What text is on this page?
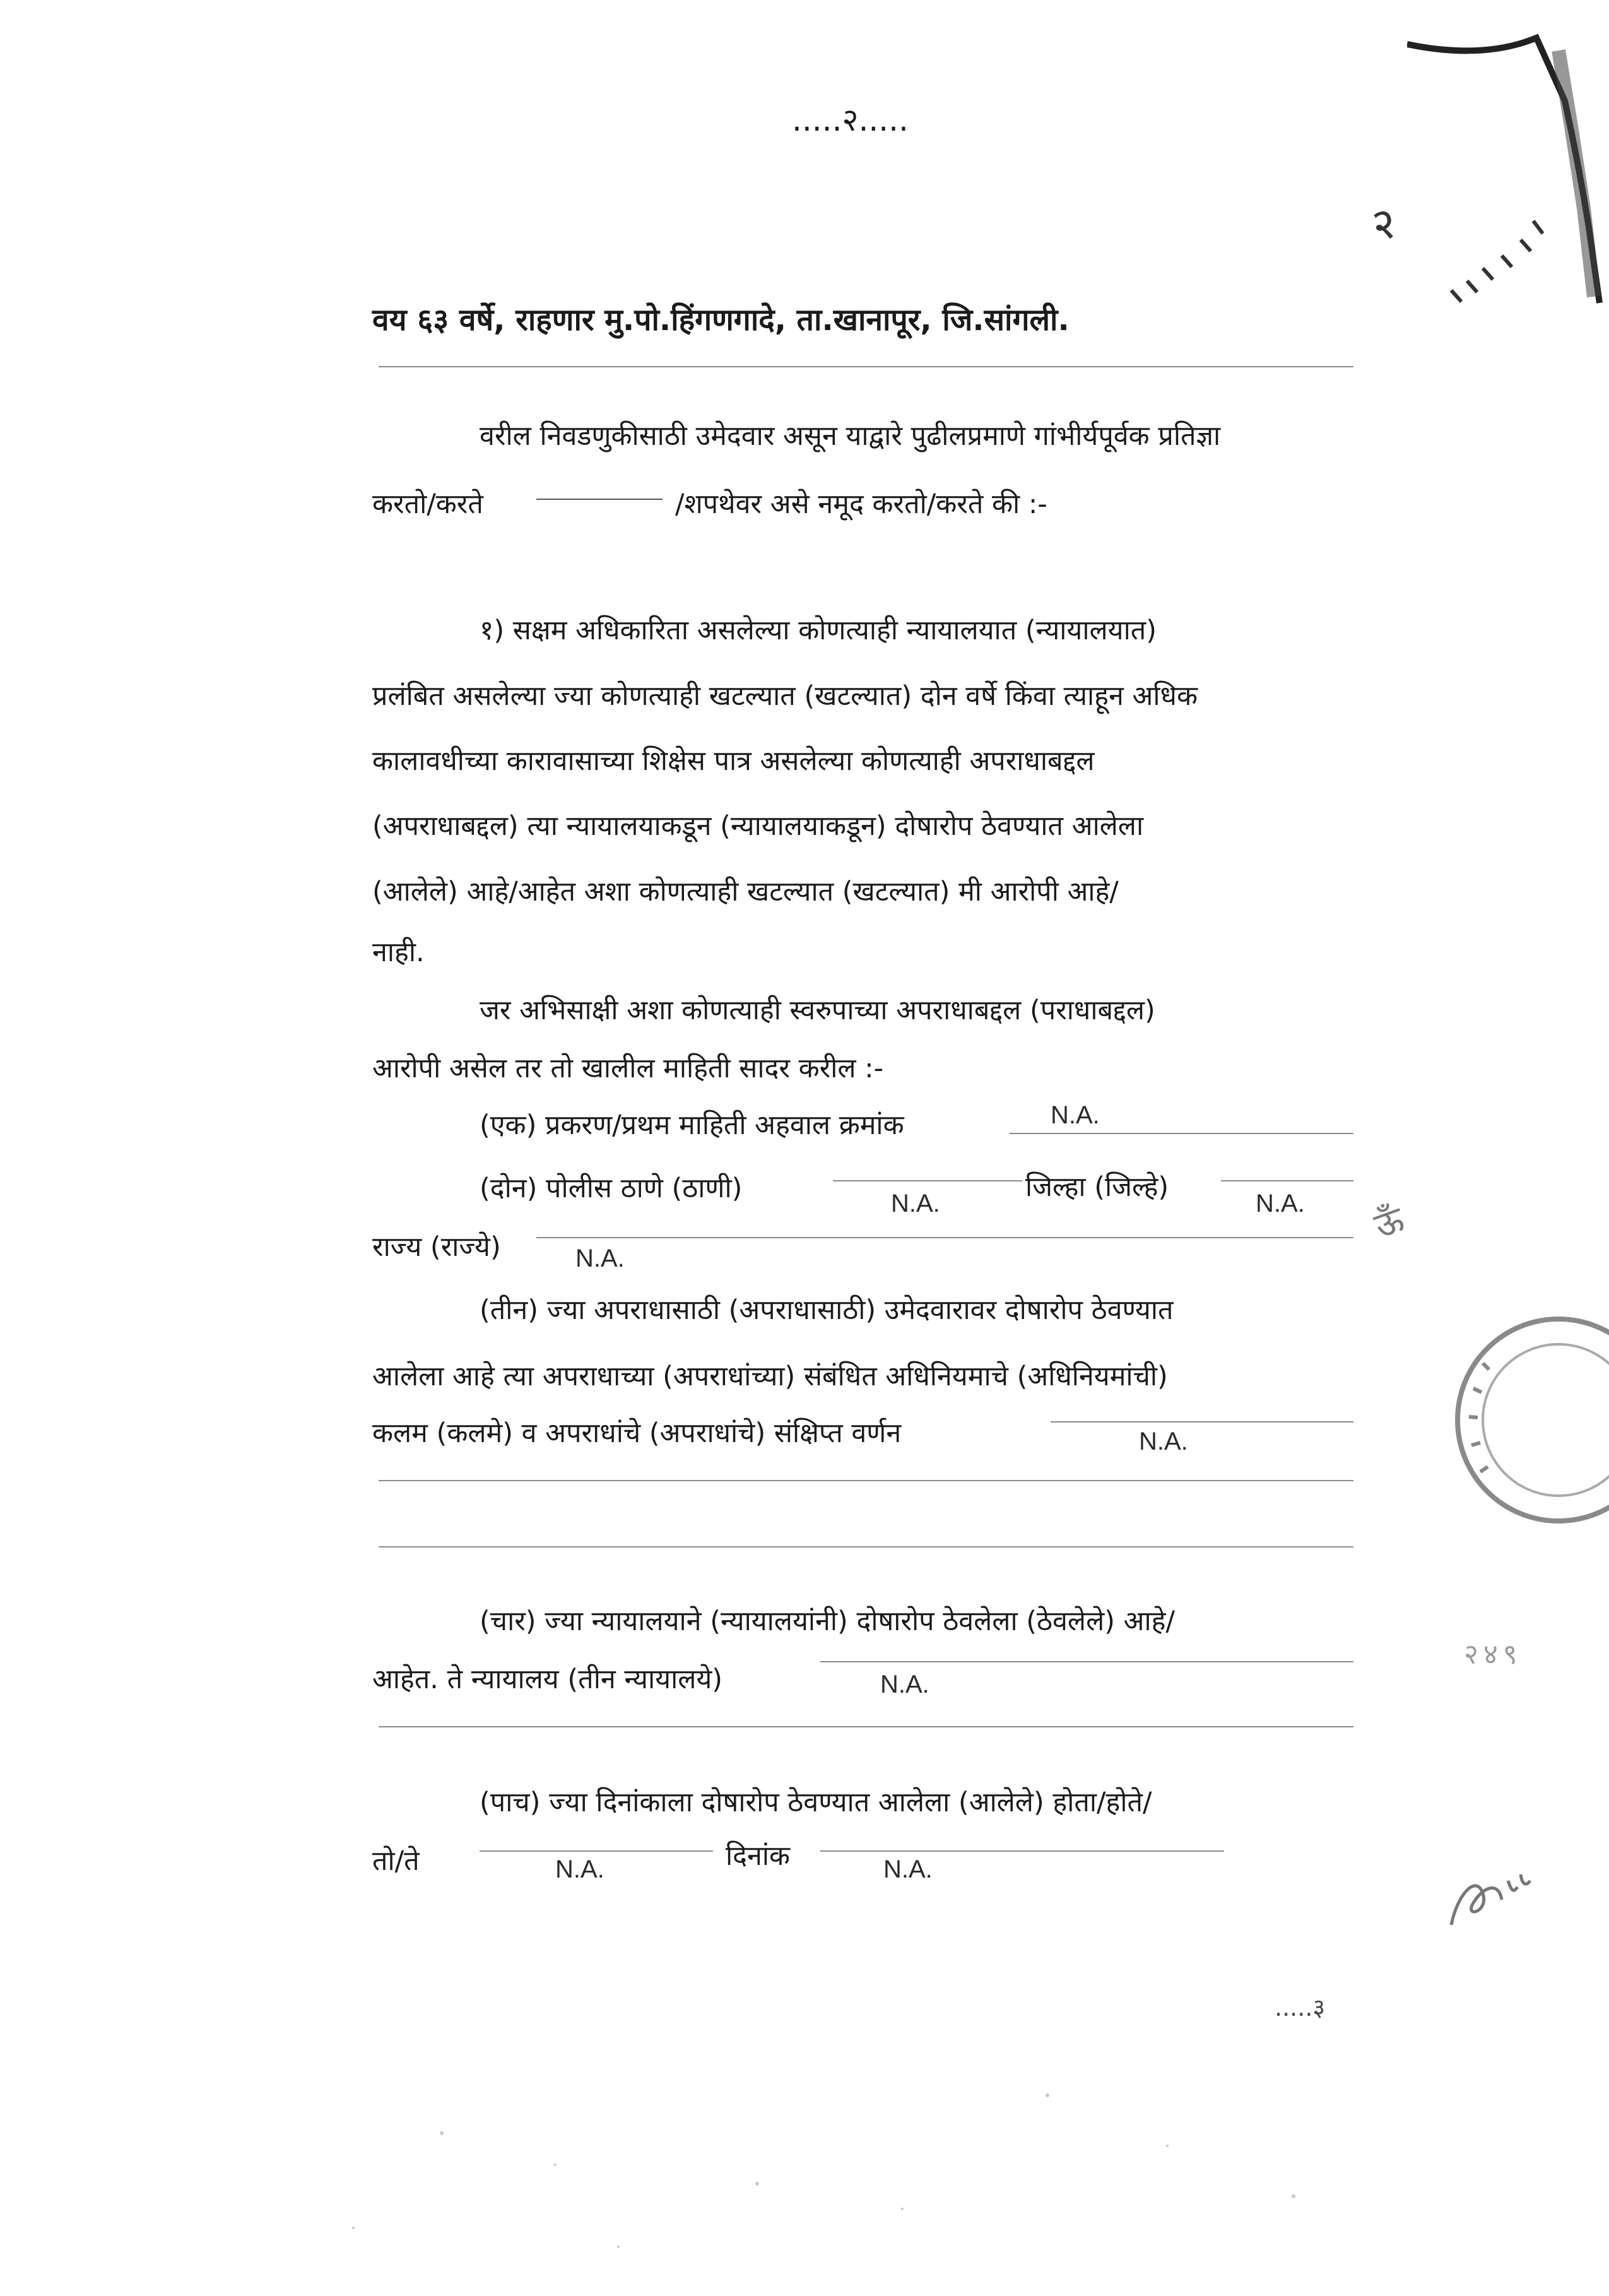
२
.....२.....
वय ६३ वर्षे, राहणार मु.पो.हिंगणगादे, ता.खानापूर, जि.सांगली.
वरील निवडणुकीसाठी उमेदवार असून याद्वारे पुढीलप्रमाणे गांभीर्यपूर्वक प्रतिज्ञा
करतो/करते	/शपथेवर असे नमूद करतो/करते की :-
१) सक्षम अधिकारिता असलेल्या कोणत्याही न्यायालयात (न्यायालयात)
प्रलंबित असलेल्या ज्या कोणत्याही खटल्यात (खटल्यात) दोन वर्षे किंवा त्याहून अधिक
कालावधीच्या कारावासाच्या शिक्षेस पात्र असलेल्या कोणत्याही अपराधाबद्दल
(अपराधाबद्दल) त्या न्यायालयाकडून (न्यायालयाकडून) दोषारोप ठेवण्यात आलेला
(आलेले) आहे/आहेत अशा कोणत्याही खटल्यात (खटल्यात) मी आरोपी आहे/
नाही.
जर अभिसाक्षी अशा कोणत्याही स्वरुपाच्या अपराधाबद्दल (पराधाबद्दल)
आरोपी असेल तर तो खालील माहिती सादर करील :-
(एक) प्रकरण/प्रथम माहिती अहवाल क्रमांक	N.A.
(दोन) पोलीस ठाणे (ठाणी)	N.A.
जिल्हा (जिल्हे)
N.A.
राज्य (राज्ये)	N.A.
(तीन) ज्या अपराधासाठी (अपराधासाठी) उमेदवारावर दोषारोप ठेवण्यात
आलेला आहे त्या अपराधाच्या (अपराधांच्या) संबंधित अधिनियमाचे (अधिनियमांची)
कलम (कलमे) व अपराधांचे (अपराधांचे) संक्षिप्त वर्णन	N.A.
(चार) ज्या न्यायालयाने (न्यायालयांनी) दोषारोप ठेवलेला (ठेवलेले) आहे/
आहेत. ते न्यायालय (तीन न्यायालये)	N.A.
(पाच) ज्या दिनांकाला दोषारोप ठेवण्यात आलेला (आलेले) होता/होते/
तो/ते	N.A.	दिनांक	N.A.
.....३
२४९
ऊँ
